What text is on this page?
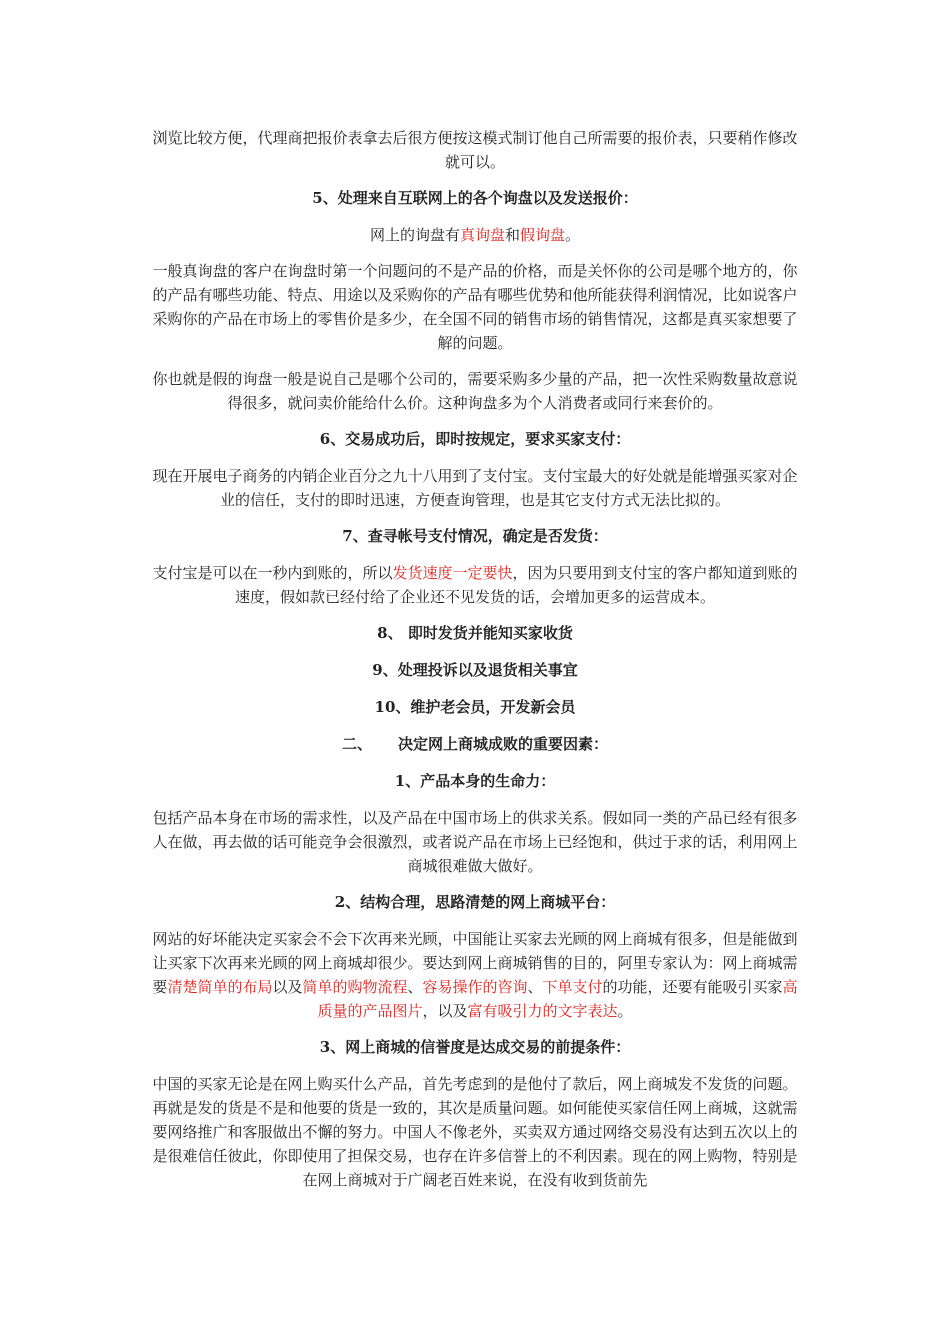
浏览比较方便，代理商把报价表拿去后很方便按这模式制订他自己所需要的报价表，只要稍作修改就可以。

5、处理来自互联网上的各个询盘以及发送报价：

网上的询盘有真询盘和假询盘。

一般真询盘的客户在询盘时第一个问题问的不是产品的价格，而是关怀你的公司是哪个地方的，你的产品有哪些功能、特点、用途以及采购你的产品有哪些优势和他所能获得利润情况，比如说客户采购你的产品在市场上的零售价是多少，在全国不同的销售市场的销售情况，这都是真买家想要了解的问题。

你也就是假的询盘一般是说自己是哪个公司的，需要采购多少量的产品，把一次性采购数量故意说得很多，就问卖价能给什么价。这种询盘多为个人消费者或同行来套价的。

6、交易成功后，即时按规定，要求买家支付：

现在开展电子商务的内销企业百分之九十八用到了支付宝。支付宝最大的好处就是能增强买家对企业的信任，支付的即时迅速，方便查询管理，也是其它支付方式无法比拟的。

7、查寻帐号支付情况，确定是否发货：

支付宝是可以在一秒内到账的，所以发货速度一定要快，因为只要用到支付宝的客户都知道到账的速度，假如款已经付给了企业还不见发货的话，会增加更多的运营成本。

8、 即时发货并能知买家收货

9、处理投诉以及退货相关事宜

10、维护老会员，开发新会员

二、 决定网上商城成败的重要因素：

1、产品本身的生命力：

包括产品本身在市场的需求性，以及产品在中国市场上的供求关系。假如同一类的产品已经有很多人在做，再去做的话可能竞争会很激烈，或者说产品在市场上已经饱和，供过于求的话，利用网上商城很难做大做好。

2、结构合理，思路清楚的网上商城平台：

网站的好坏能决定买家会不会下次再来光顾，中国能让买家去光顾的网上商城有很多，但是能做到让买家下次再来光顾的网上商城却很少。要达到网上商城销售的目的，阿里专家认为：网上商城需要清楚简单的布局以及简单的购物流程、容易操作的咨询、下单支付的功能，还要有能吸引买家高质量的产品图片，以及富有吸引力的文字表达。

3、网上商城的信誉度是达成交易的前提条件：

中国的买家无论是在网上购买什么产品，首先考虑到的是他付了款后，网上商城发不发货的问题。再就是发的货是不是和他要的货是一致的，其次是质量问题。如何能使买家信任网上商城，这就需要网络推广和客服做出不懈的努力。中国人不像老外，买卖双方通过网络交易没有达到五次以上的是很难信任彼此，你即使用了担保交易，也存在许多信誉上的不利因素。现在的网上购物，特别是在网上商城对于广阔老百姓来说，在没有收到货前先
